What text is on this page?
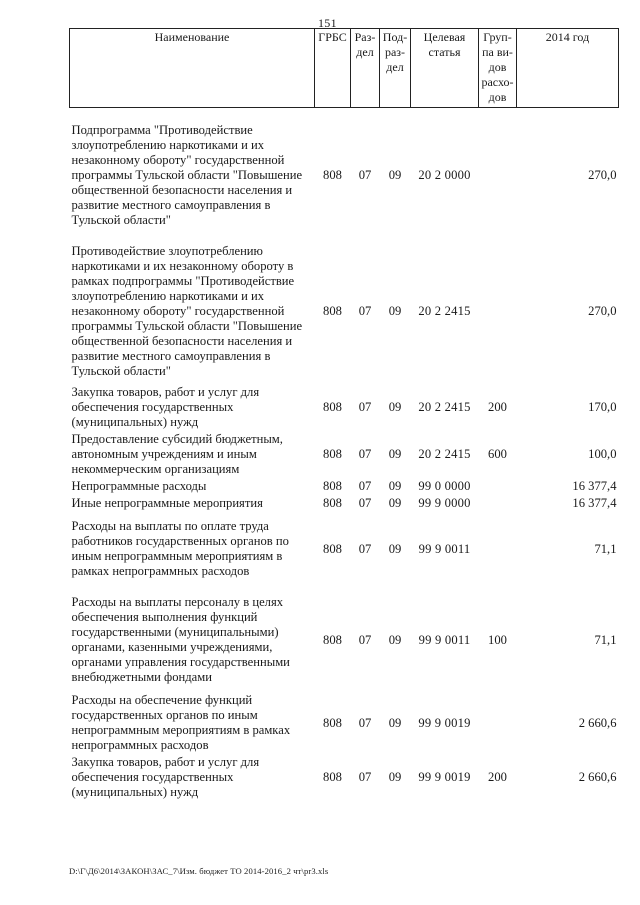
151
Наименование	ГРБС	Раз- дел	Под- раз- дел	Целевая статья	Груп- па ви- дов расхо- дов	2014 год

Подпрограмма "Противодействие злоупотреблению наркотиками и их незаконному обороту" государственной программы Тульской области "Повышение общественной безопасности населения и развитие местного самоуправления в Тульской области"	808	07	09	20 2 0000		270,0

Противодействие злоупотреблению наркотиками и их незаконному обороту в рамках подпрограммы "Противодействие злоупотреблению наркотиками и их незаконному обороту" государственной программы Тульской области "Повышение общественной безопасности населения и развитие местного самоуправления в Тульской области"	808	07	09	20 2 2415		270,0

Закупка товаров, работ и услуг для обеспечения государственных (муниципальных) нужд	808	07	09	20 2 2415	200	170,0
Предоставление субсидий бюджетным, автономным учреждениям и иным некоммерческим организациям	808	07	09	20 2 2415	600	100,0
Непрограммные расходы	808	07	09	99 0 0000		16 377,4
Иные непрограммные мероприятия	808	07	09	99 9 0000		16 377,4

Расходы на выплаты по оплате труда работников государственных органов по иным непрограммным мероприятиям в рамках непрограммных расходов	808	07	09	99 9 0011		71,1

Расходы на выплаты персоналу в целях обеспечения выполнения функций государственными (муниципальными) органами, казенными учреждениями, органами управления государственными внебюджетными фондами	808	07	09	99 9 0011	100	71,1

Расходы на обеспечение функций государственных органов по иным непрограммным мероприятиям в рамках непрограммных расходов	808	07	09	99 9 0019		2 660,6
Закупка товаров, работ и услуг для обеспечения государственных (муниципальных) нужд	808	07	09	99 9 0019	200	2 660,6
D:\Г\Д6\2014\ЗАКОН\ЗАС_7\Изм. бюджет ТО 2014-2016_2 чт\pr3.xls
